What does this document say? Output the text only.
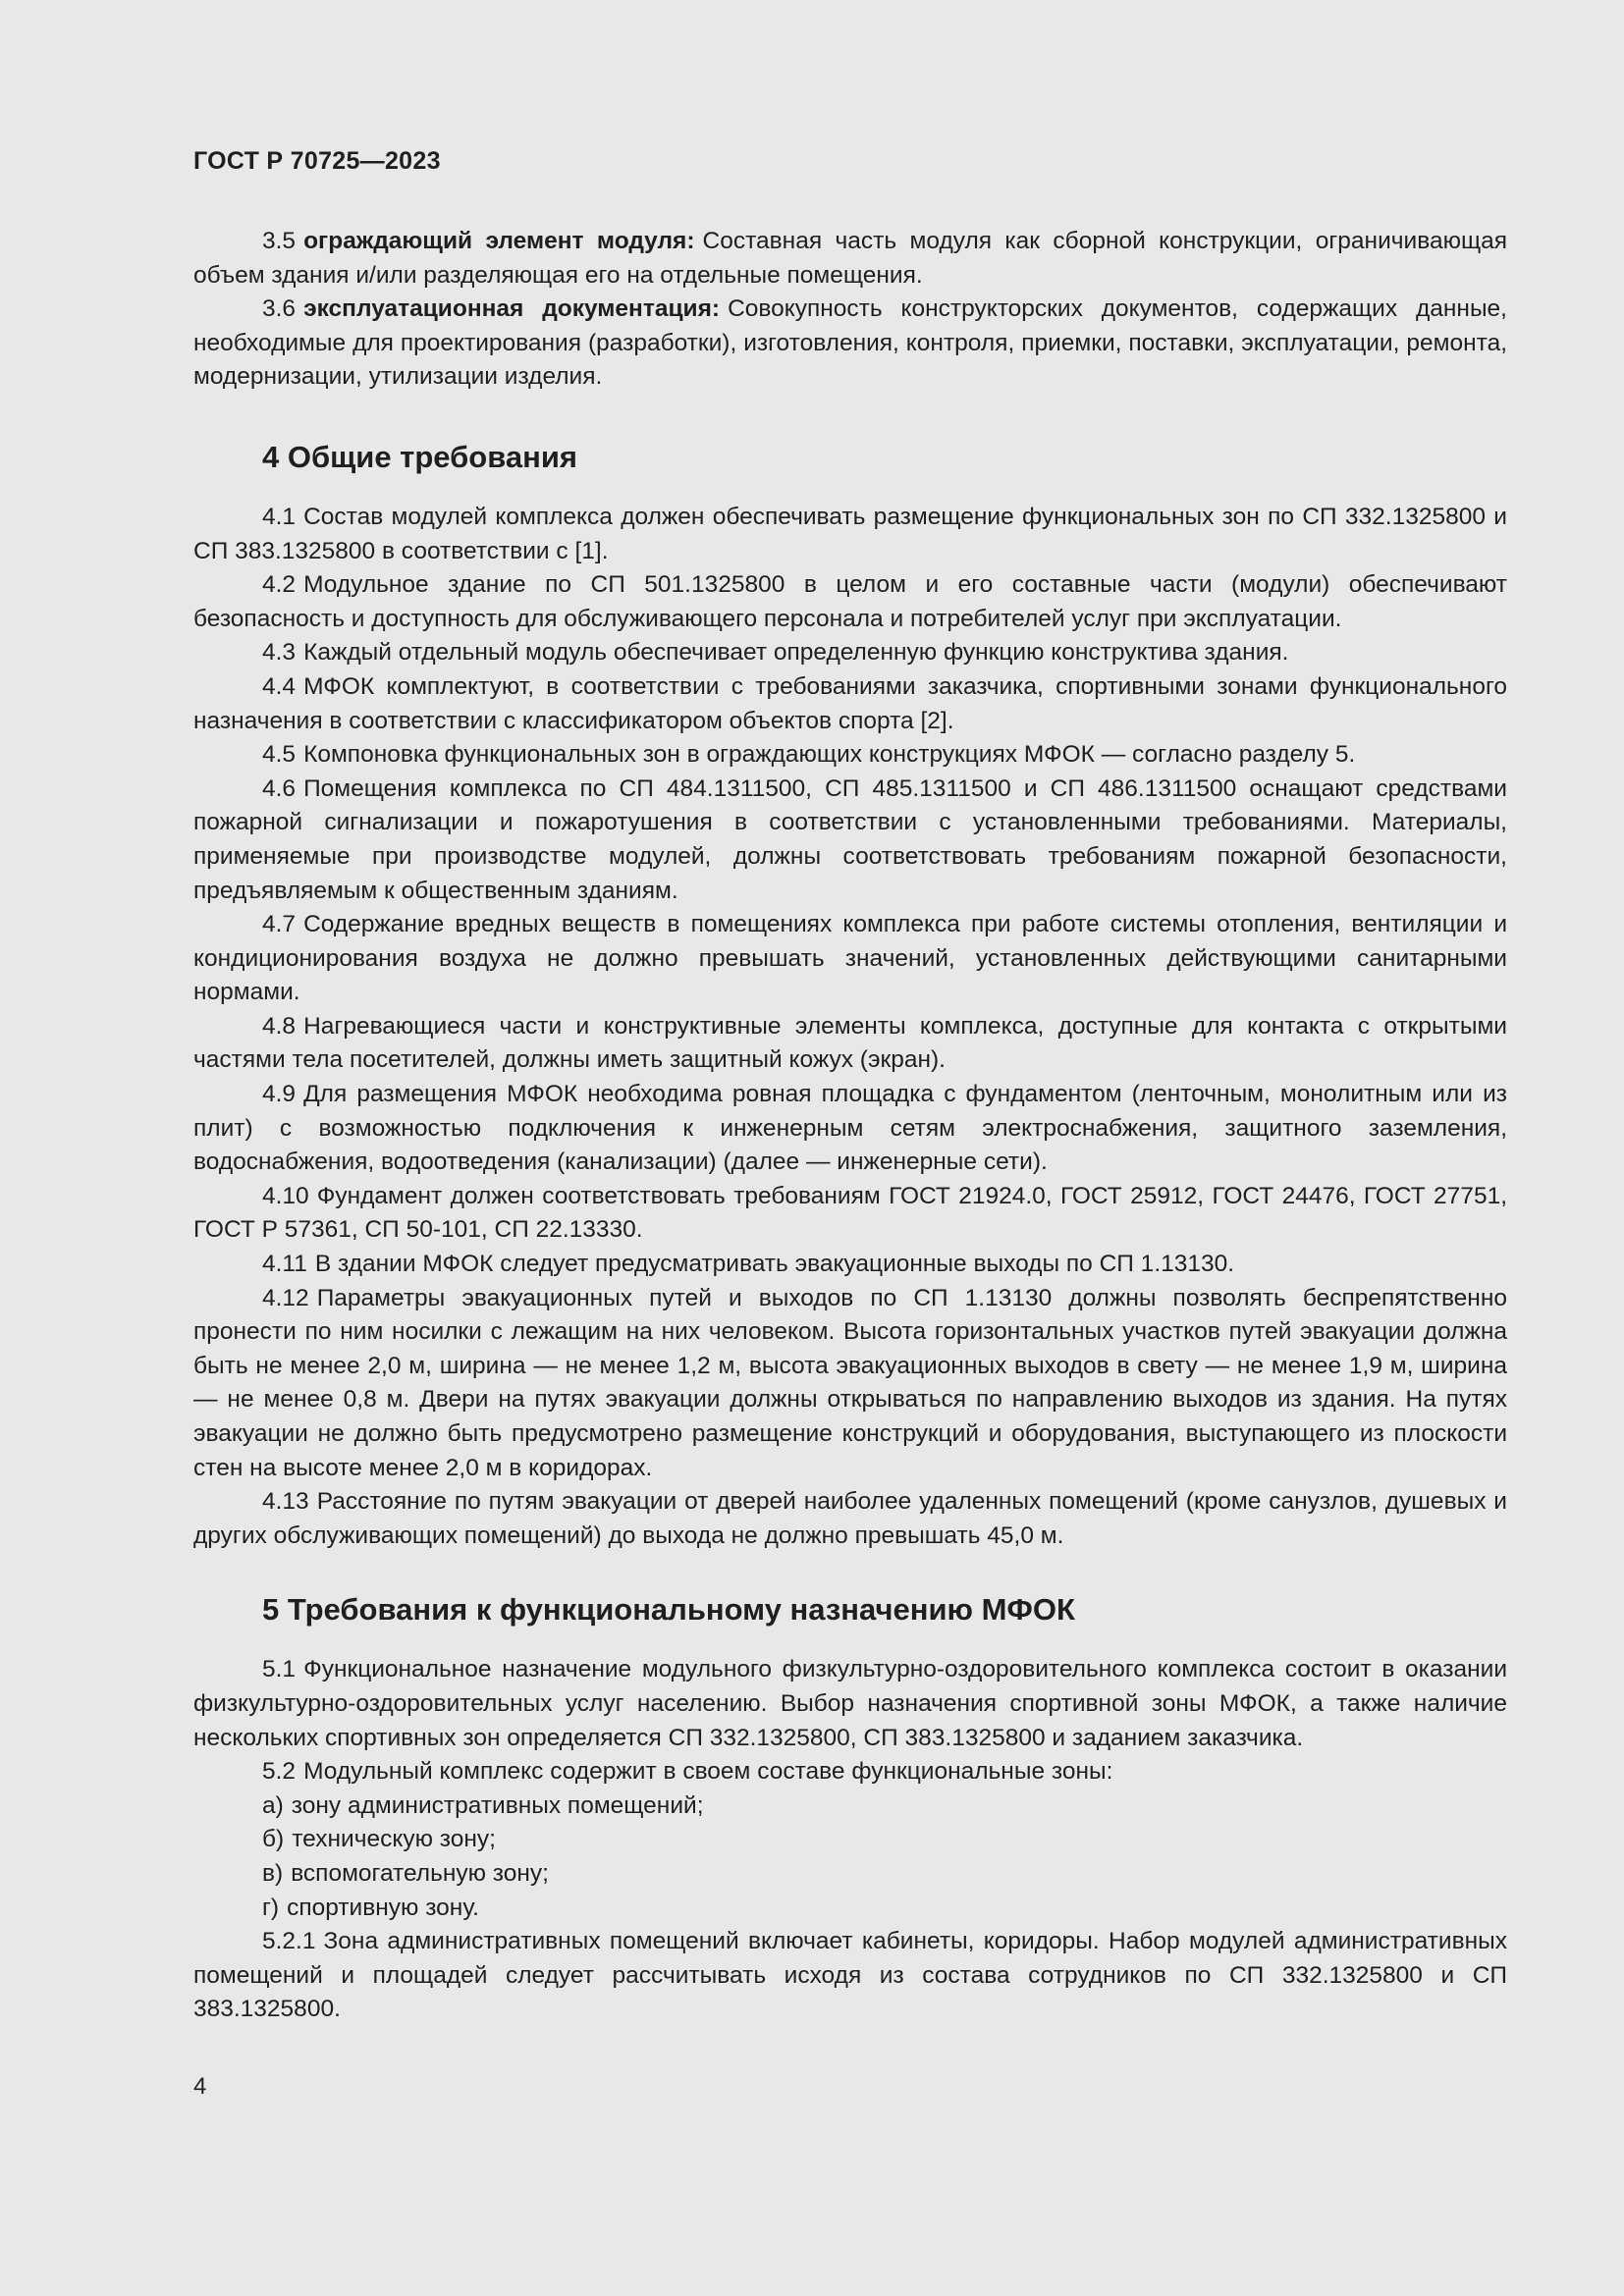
ГОСТ Р 70725—2023

3.5 ограждающий элемент модуля: Составная часть модуля как сборной конструкции, ограничивающая объем здания и/или разделяющая его на отдельные помещения.

3.6 эксплуатационная документация: Совокупность конструкторских документов, содержащих данные, необходимые для проектирования (разработки), изготовления, контроля, приемки, поставки, эксплуатации, ремонта, модернизации, утилизации изделия.

4 Общие требования

4.1 Состав модулей комплекса должен обеспечивать размещение функциональных зон по СП 332.1325800 и СП 383.1325800 в соответствии с [1].

4.2 Модульное здание по СП 501.1325800 в целом и его составные части (модули) обеспечивают безопасность и доступность для обслуживающего персонала и потребителей услуг при эксплуатации.

4.3 Каждый отдельный модуль обеспечивает определенную функцию конструктива здания.

4.4 МФОК комплектуют, в соответствии с требованиями заказчика, спортивными зонами функционального назначения в соответствии с классификатором объектов спорта [2].

4.5 Компоновка функциональных зон в ограждающих конструкциях МФОК — согласно разделу 5.

4.6 Помещения комплекса по СП 484.1311500, СП 485.1311500 и СП 486.1311500 оснащают средствами пожарной сигнализации и пожаротушения в соответствии с установленными требованиями. Материалы, применяемые при производстве модулей, должны соответствовать требованиям пожарной безопасности, предъявляемым к общественным зданиям.

4.7 Содержание вредных веществ в помещениях комплекса при работе системы отопления, вентиляции и кондиционирования воздуха не должно превышать значений, установленных действующими санитарными нормами.

4.8 Нагревающиеся части и конструктивные элементы комплекса, доступные для контакта с открытыми частями тела посетителей, должны иметь защитный кожух (экран).

4.9 Для размещения МФОК необходима ровная площадка с фундаментом (ленточным, монолитным или из плит) с возможностью подключения к инженерным сетям электроснабжения, защитного заземления, водоснабжения, водоотведения (канализации) (далее — инженерные сети).

4.10 Фундамент должен соответствовать требованиям ГОСТ 21924.0, ГОСТ 25912, ГОСТ 24476, ГОСТ 27751, ГОСТ Р 57361, СП 50-101, СП 22.13330.

4.11 В здании МФОК следует предусматривать эвакуационные выходы по СП 1.13130.

4.12 Параметры эвакуационных путей и выходов по СП 1.13130 должны позволять беспрепятственно пронести по ним носилки с лежащим на них человеком. Высота горизонтальных участков путей эвакуации должна быть не менее 2,0 м, ширина — не менее 1,2 м, высота эвакуационных выходов в свету — не менее 1,9 м, ширина — не менее 0,8 м. Двери на путях эвакуации должны открываться по направлению выходов из здания. На путях эвакуации не должно быть предусмотрено размещение конструкций и оборудования, выступающего из плоскости стен на высоте менее 2,0 м в коридорах.

4.13 Расстояние по путям эвакуации от дверей наиболее удаленных помещений (кроме санузлов, душевых и других обслуживающих помещений) до выхода не должно превышать 45,0 м.

5 Требования к функциональному назначению МФОК

5.1 Функциональное назначение модульного физкультурно-оздоровительного комплекса состоит в оказании физкультурно-оздоровительных услуг населению. Выбор назначения спортивной зоны МФОК, а также наличие нескольких спортивных зон определяется СП 332.1325800, СП 383.1325800 и заданием заказчика.

5.2 Модульный комплекс содержит в своем составе функциональные зоны:

а) зону административных помещений;

б) техническую зону;

в) вспомогательную зону;

г) спортивную зону.

5.2.1 Зона административных помещений включает кабинеты, коридоры. Набор модулей административных помещений и площадей следует рассчитывать исходя из состава сотрудников по СП 332.1325800 и СП 383.1325800.

4
